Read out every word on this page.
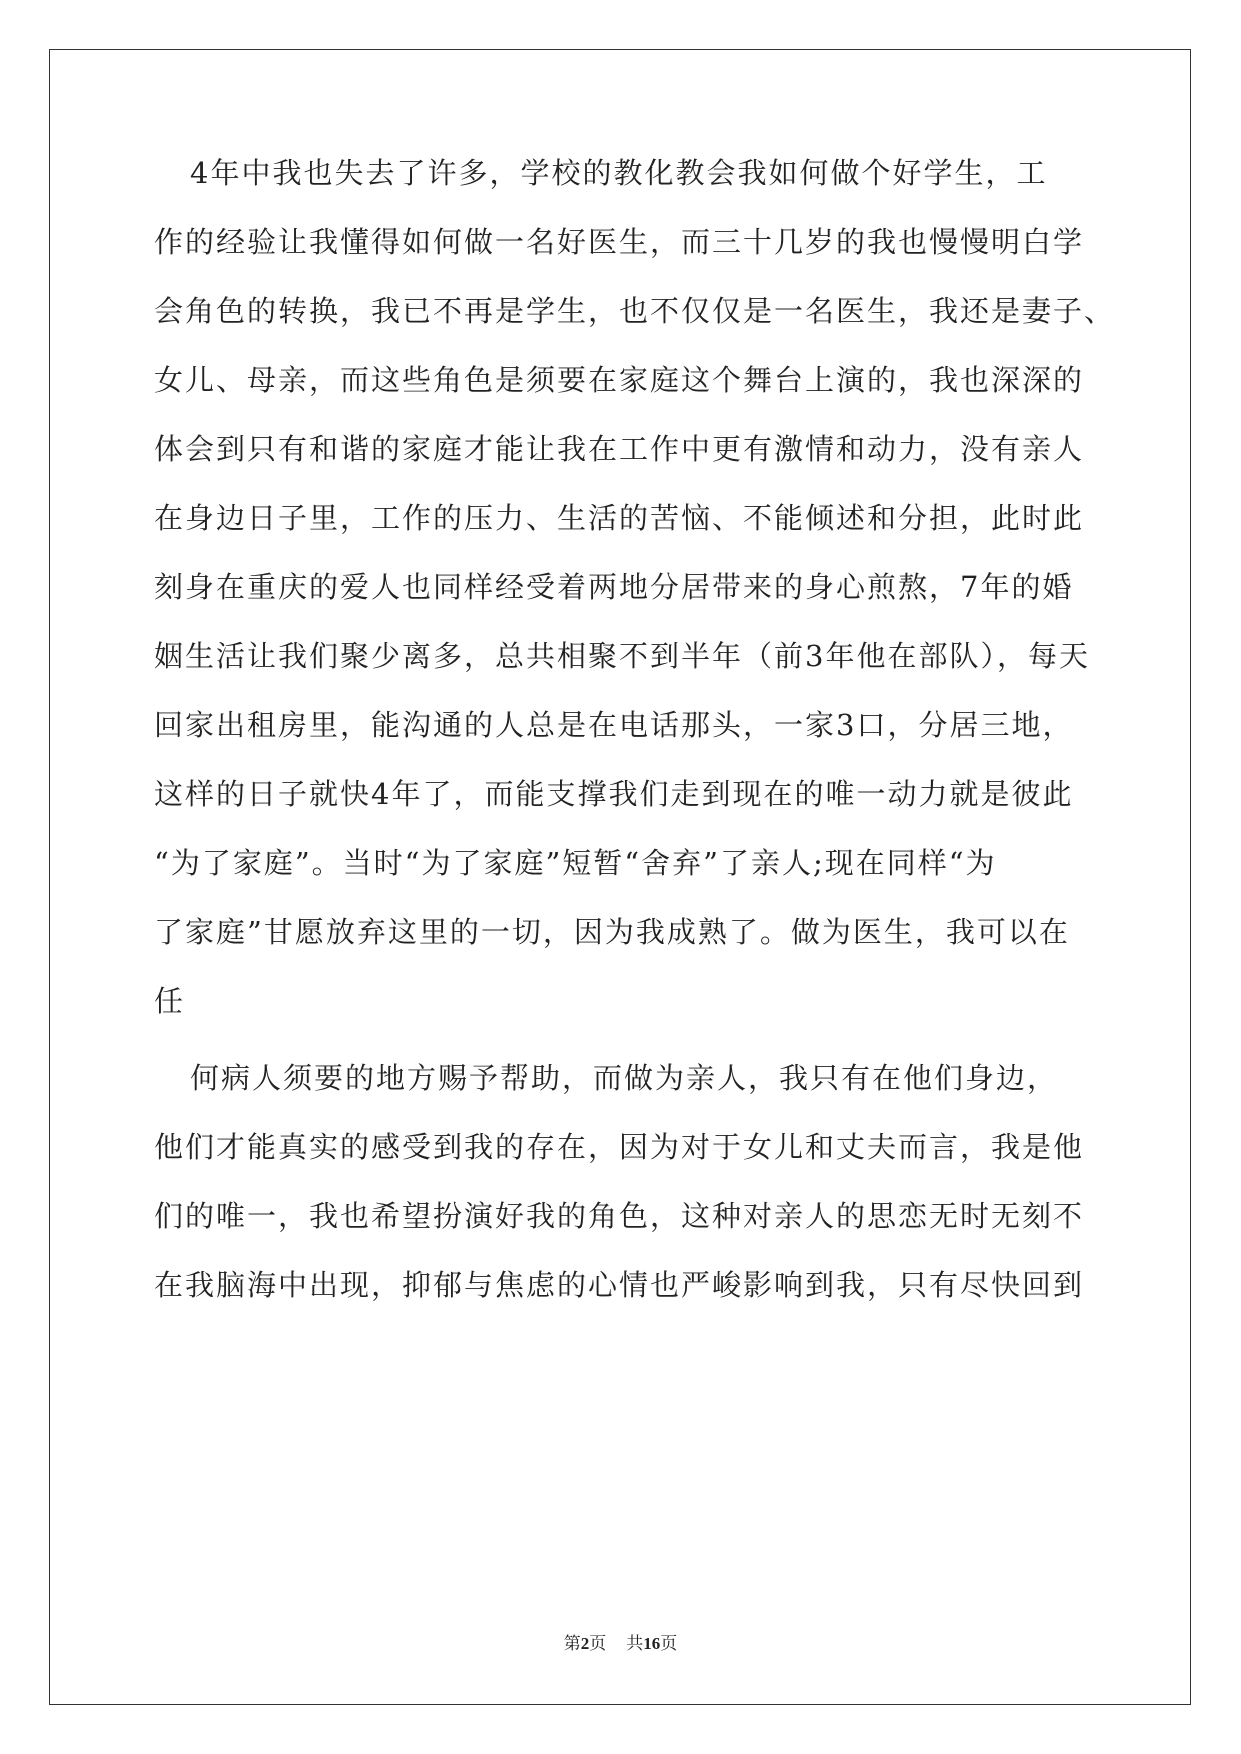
4年中我也失去了许多，学校的教化教会我如何做个好学生，工
作的经验让我懂得如何做一名好医生，而三十几岁的我也慢慢明白学
会角色的转换，我已不再是学生，也不仅仅是一名医生，我还是妻子、
女儿、母亲，而这些角色是须要在家庭这个舞台上演的，我也深深的
体会到只有和谐的家庭才能让我在工作中更有激情和动力，没有亲人
在身边日子里，工作的压力、生活的苦恼、不能倾述和分担，此时此
刻身在重庆的爱人也同样经受着两地分居带来的身心煎熬，7年的婚
姻生活让我们聚少离多，总共相聚不到半年（前3年他在部队），每天
回家出租房里，能沟通的人总是在电话那头，一家3口，分居三地，
这样的日子就快4年了，而能支撑我们走到现在的唯一动力就是彼此
“为了家庭”。当时“为了家庭”短暂“舍弃”了亲人;现在同样“为
了家庭”甘愿放弃这里的一切，因为我成熟了。做为医生，我可以在
任
何病人须要的地方赐予帮助，而做为亲人，我只有在他们身边，
他们才能真实的感受到我的存在，因为对于女儿和丈夫而言，我是他
们的唯一，我也希望扮演好我的角色，这种对亲人的思恋无时无刻不
在我脑海中出现，抑郁与焦虑的心情也严峻影响到我，只有尽快回到
第2页 共16页
